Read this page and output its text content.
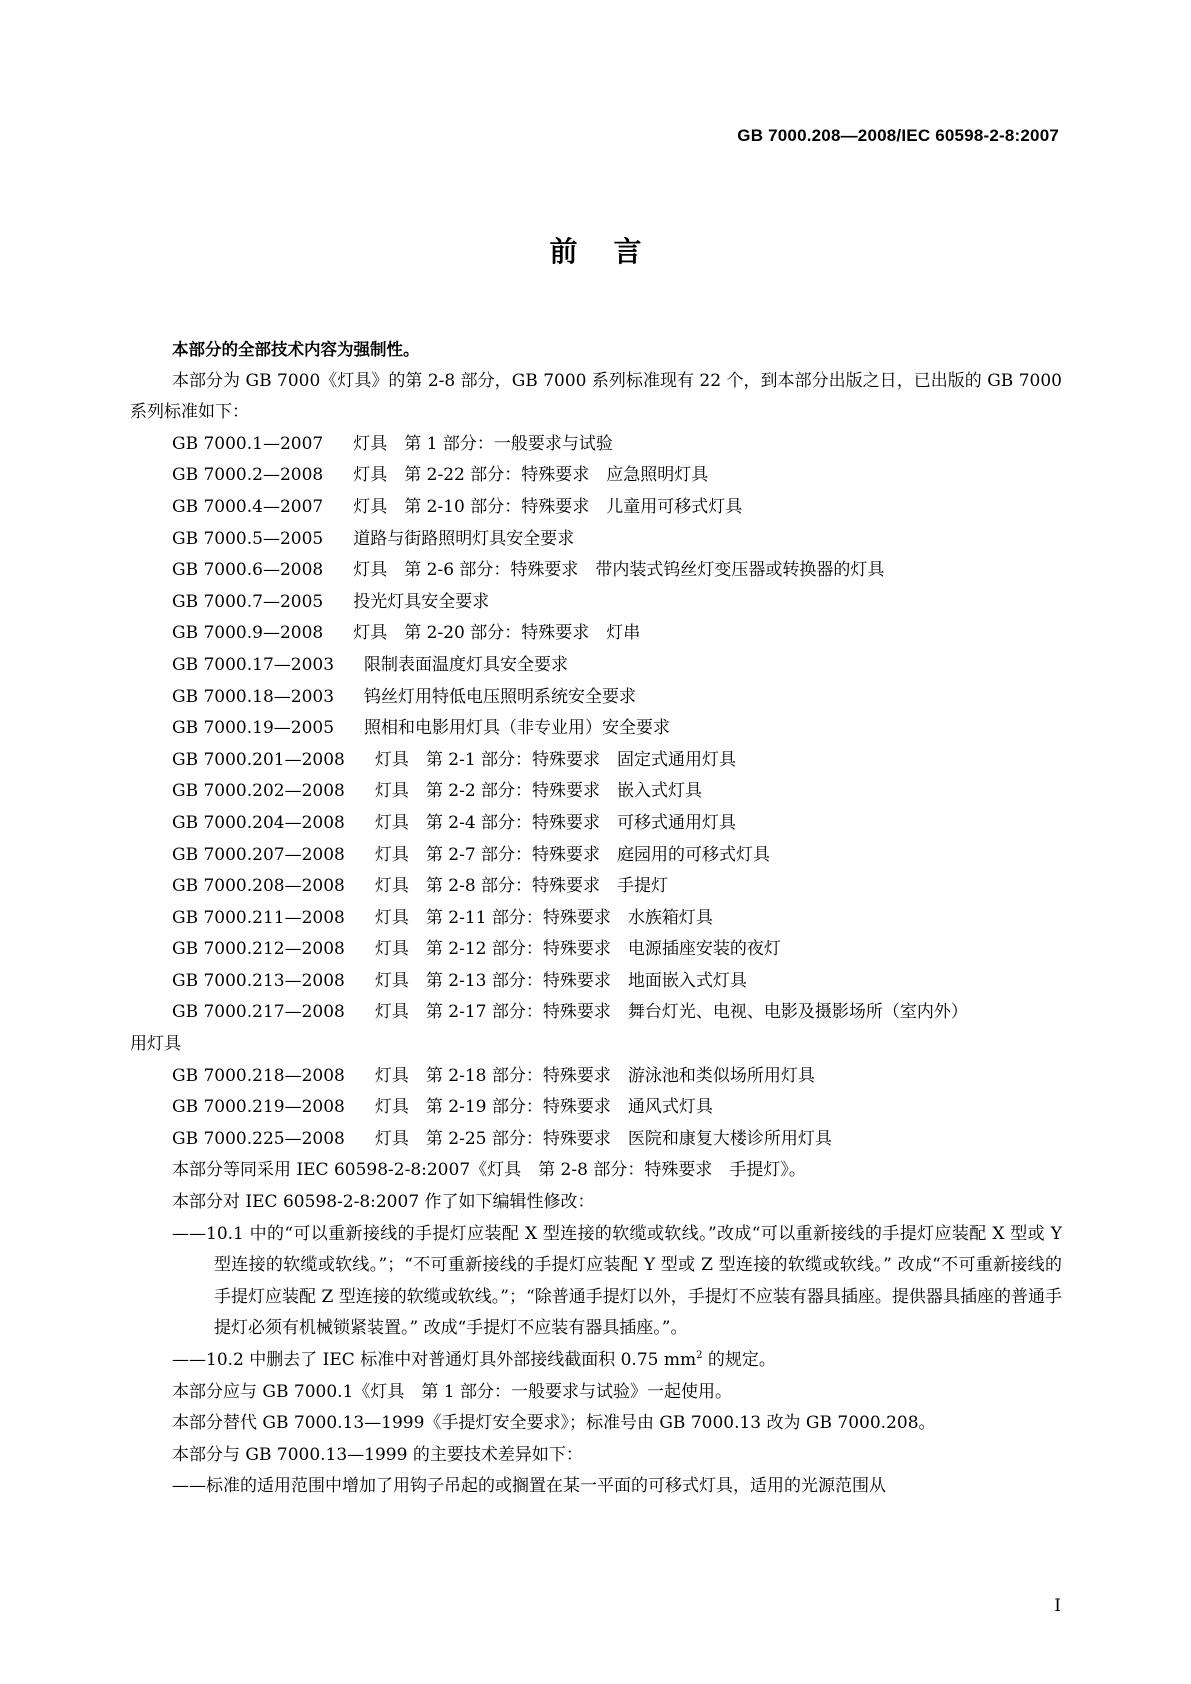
GB 7000.208—2008/IEC 60598-2-8:2007
前言
本部分的全部技术内容为强制性。
本部分为 GB 7000《灯具》的第 2-8 部分，GB 7000 系列标准现有 22 个，到本部分出版之日，已出版的 GB 7000 系列标准如下：
GB 7000.1—2007 灯具　第 1 部分：一般要求与试验
GB 7000.2—2008 灯具　第 2-22 部分：特殊要求　应急照明灯具
GB 7000.4—2007 灯具　第 2-10 部分：特殊要求　儿童用可移式灯具
GB 7000.5—2005 道路与街路照明灯具安全要求
GB 7000.6—2008 灯具　第 2-6 部分：特殊要求　带内装式钨丝灯变压器或转换器的灯具
GB 7000.7—2005 投光灯具安全要求
GB 7000.9—2008 灯具　第 2-20 部分：特殊要求　灯串
GB 7000.17—2003 限制表面温度灯具安全要求
GB 7000.18—2003 钨丝灯用特低电压照明系统安全要求
GB 7000.19—2005 照相和电影用灯具（非专业用）安全要求
GB 7000.201—2008 灯具　第 2-1 部分：特殊要求　固定式通用灯具
GB 7000.202—2008 灯具　第 2-2 部分：特殊要求　嵌入式灯具
GB 7000.204—2008 灯具　第 2-4 部分：特殊要求　可移式通用灯具
GB 7000.207—2008 灯具　第 2-7 部分：特殊要求　庭园用的可移式灯具
GB 7000.208—2008 灯具　第 2-8 部分：特殊要求　手提灯
GB 7000.211—2008 灯具　第 2-11 部分：特殊要求　水族箱灯具
GB 7000.212—2008 灯具　第 2-12 部分：特殊要求　电源插座安装的夜灯
GB 7000.213—2008 灯具　第 2-13 部分：特殊要求　地面嵌入式灯具
GB 7000.217—2008 灯具　第 2-17 部分：特殊要求　舞台灯光、电视、电影及摄影场所（室内外）
用灯具
GB 7000.218—2008 灯具　第 2-18 部分：特殊要求　游泳池和类似场所用灯具
GB 7000.219—2008 灯具　第 2-19 部分：特殊要求　通风式灯具
GB 7000.225—2008 灯具　第 2-25 部分：特殊要求　医院和康复大楼诊所用灯具
本部分等同采用 IEC 60598-2-8:2007《灯具　第 2-8 部分：特殊要求　手提灯》。
本部分对 IEC 60598-2-8:2007 作了如下编辑性修改：
——10.1 中的“可以重新接线的手提灯应装配 X 型连接的软缆或软线。”改成“可以重新接线的手提灯应装配 X 型或 Y 型连接的软缆或软线。”；“不可重新接线的手提灯应装配 Y 型或 Z 型连接的软缆或软线。” 改成“不可重新接线的手提灯应装配 Z 型连接的软缆或软线。”；“除普通手提灯以外，手提灯不应装有器具插座。提供器具插座的普通手提灯必须有机械锁紧装置。” 改成“手提灯不应装有器具插座。”。
——10.2 中删去了 IEC 标准中对普通灯具外部接线截面积 0.75 $mm^2$ 的规定。
本部分应与 GB 7000.1《灯具　第 1 部分：一般要求与试验》一起使用。
本部分替代 GB 7000.13—1999《手提灯安全要求》；标准号由 GB 7000.13 改为 GB 7000.208。
本部分与 GB 7000.13—1999 的主要技术差异如下：
——标准的适用范围中增加了用钩子吊起的或搁置在某一平面的可移式灯具，适用的光源范围从
I
